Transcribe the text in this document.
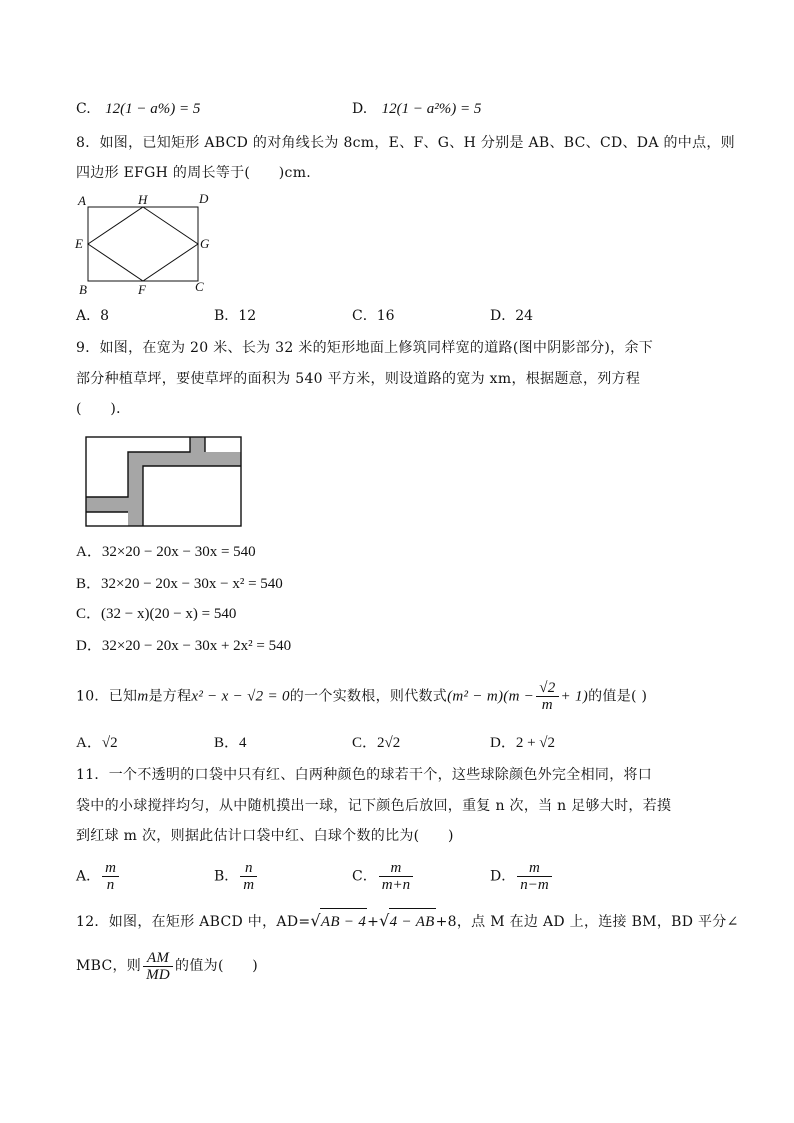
C. 12(1 − a%) = 5	D. 12(1 − a²%) = 5
8．如图，已知矩形 ABCD 的对角线长为 8cm，E、F、G、H 分别是 AB、BC、CD、DA 的中点，则
四边形 EFGH 的周长等于(　　)cm.
A	H	D
E	G
B	F	C
A．8	B．12	C．16	D．24
9．如图，在宽为 20 米、长为 32 米的矩形地面上修筑同样宽的道路(图中阴影部分)，余下
部分种植草坪，要使草坪的面积为 540 平方米，则设道路的宽为 xm，根据题意，列方程
(　　)．
A．32×20 − 20x − 30x = 540
B．32×20 − 20x − 30x − x² = 540
C．(32 − x)(20 − x) = 540
D．32×20 − 20x − 30x + 2x² = 540
10．已知m是方程x² − x − √2 = 0的一个实数根，则代数式$(m^2 - m)(m - \frac{√2}{m} + 1)$的值是( )
A．√2	B．4	C．2√2	D．2 + √2
11．一个不透明的口袋中只有红、白两种颜色的球若干个，这些球除颜色外完全相同，将口
袋中的小球搅拌均匀，从中随机摸出一球，记下颜色后放回，重复 n 次，当 n 足够大时，若摸
到红球 m 次，则据此估计口袋中红、白球个数的比为(　　)
A． $\frac{m}{n}$	B． $\frac{n}{m}$	C． $\frac{m}{m+n}$	D． $\frac{m}{n-m}$
12．如图，在矩形 ABCD 中，AD=√AB − 4+√4 − AB+8，点 M 在边 AD 上，连接 BM，BD 平分∠
MBC，则 $\frac{AM}{MD}$ 的值为(　　)
